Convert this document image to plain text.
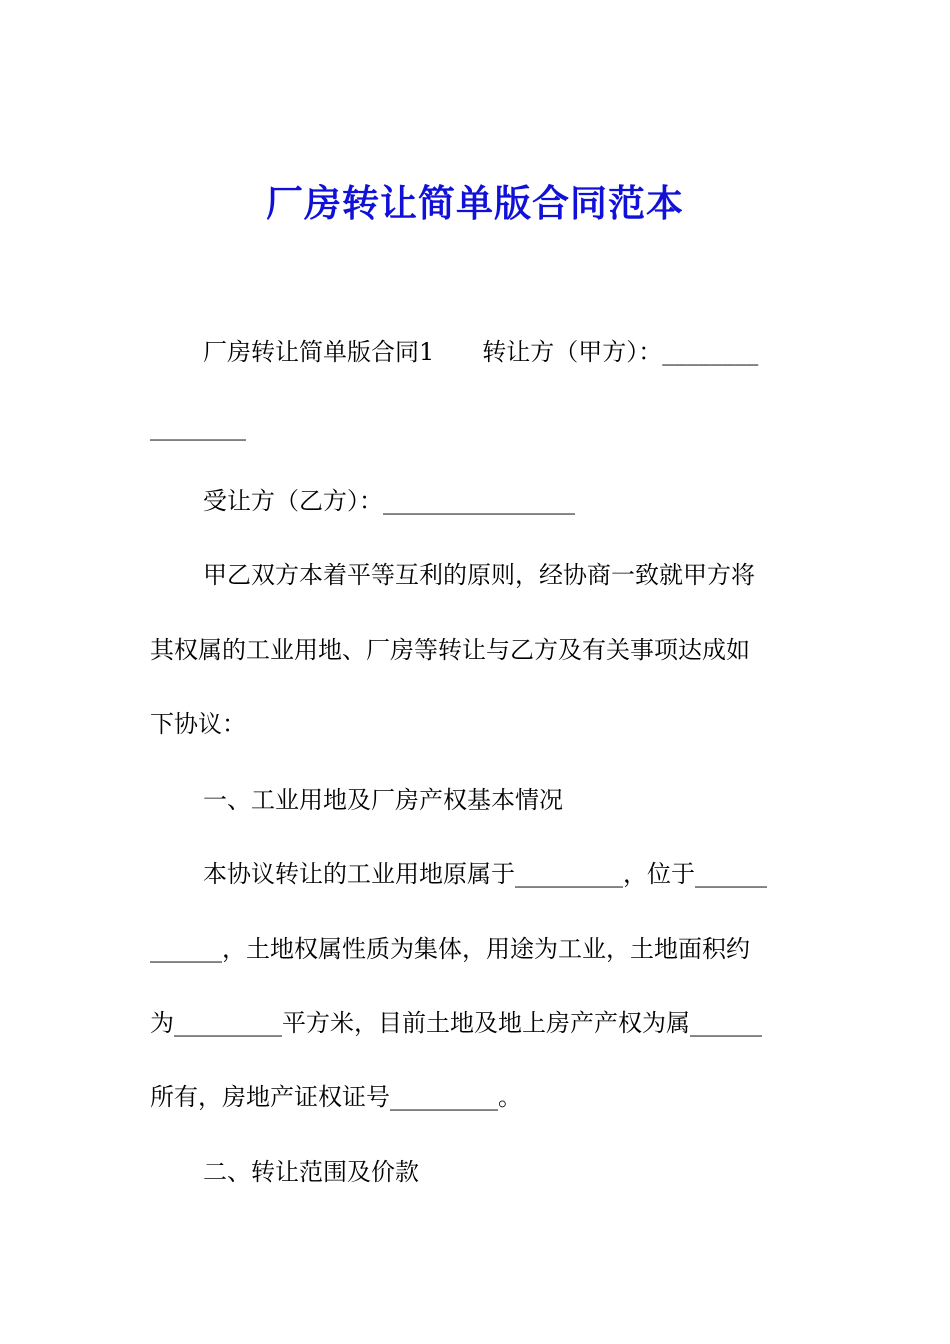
厂房转让简单版合同范本
厂房转让简单版合同1　　转让方（甲方）：________
________
受让方（乙方）：________________
甲乙双方本着平等互利的原则，经协商一致就甲方将
其权属的工业用地、厂房等转让与乙方及有关事项达成如
下协议：
一、工业用地及厂房产权基本情况
本协议转让的工业用地原属于_________，位于______
______，土地权属性质为集体，用途为工业，土地面积约
为_________平方米，目前土地及地上房产产权为属______
所有，房地产证权证号_________。
二、转让范围及价款
